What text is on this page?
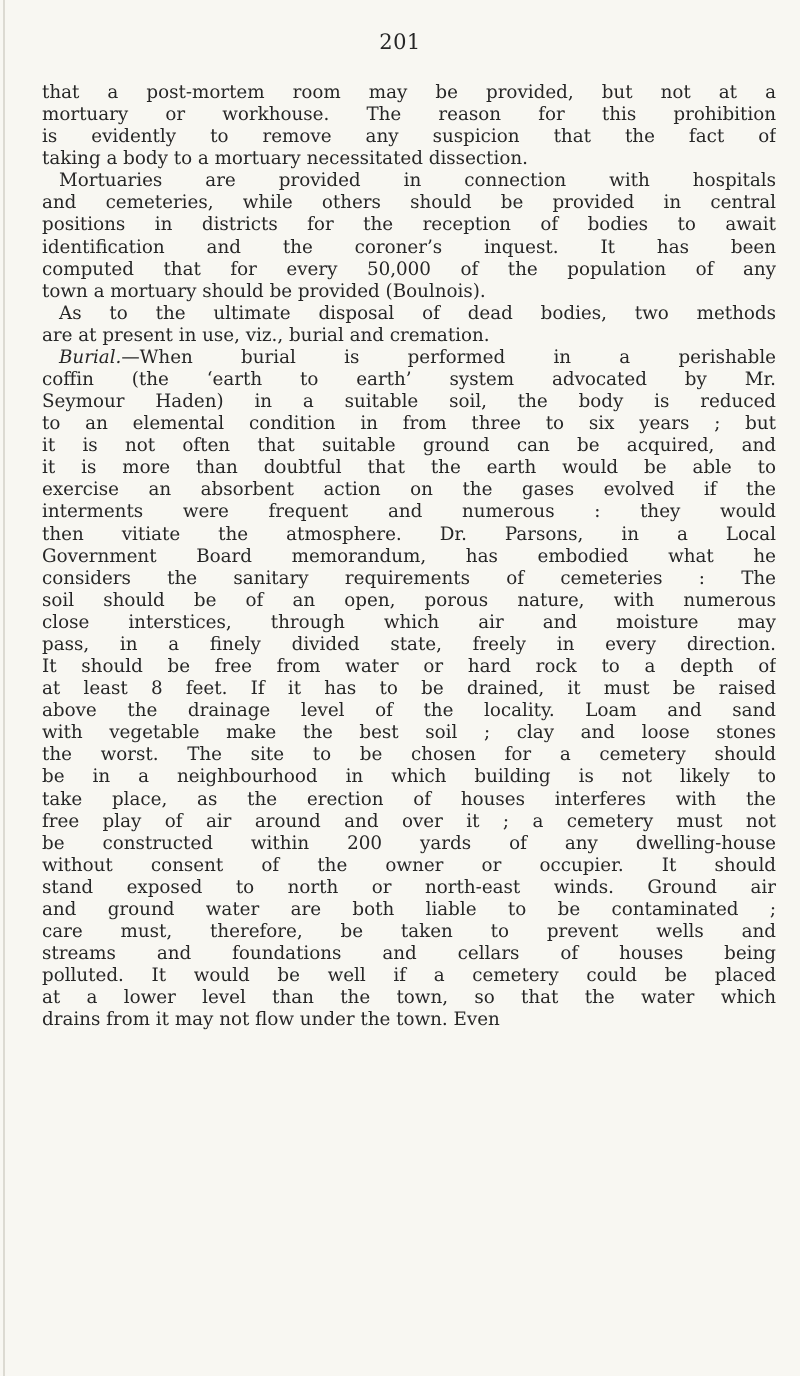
201
that a post-mortem room may be provided, but not at a
mortuary or workhouse. The reason for this prohibition
is evidently to remove any suspicion that the fact of
taking a body to a mortuary necessitated dissection.
Mortuaries are provided in connection with hospitals
and cemeteries, while others should be provided in central
positions in districts for the reception of bodies to await
identification and the coroner’s inquest. It has been
computed that for every 50,000 of the population of any
town a mortuary should be provided (Boulnois).
As to the ultimate disposal of dead bodies, two methods
are at present in use, viz., burial and cremation.
Burial.—When burial is performed in a perishable
coffin (the ‘earth to earth’ system advocated by Mr.
Seymour Haden) in a suitable soil, the body is reduced
to an elemental condition in from three to six years ; but
it is not often that suitable ground can be acquired, and
it is more than doubtful that the earth would be able to
exercise an absorbent action on the gases evolved if the
interments were frequent and numerous : they would
then vitiate the atmosphere. Dr. Parsons, in a Local
Government Board memorandum, has embodied what he
considers the sanitary requirements of cemeteries : The
soil should be of an open, porous nature, with numerous
close interstices, through which air and moisture may
pass, in a finely divided state, freely in every direction.
It should be free from water or hard rock to a depth of
at least 8 feet. If it has to be drained, it must be raised
above the drainage level of the locality. Loam and sand
with vegetable make the best soil ; clay and loose stones
the worst. The site to be chosen for a cemetery should
be in a neighbourhood in which building is not likely to
take place, as the erection of houses interferes with the
free play of air around and over it ; a cemetery must not
be constructed within 200 yards of any dwelling-house
without consent of the owner or occupier. It should
stand exposed to north or north-east winds. Ground air
and ground water are both liable to be contaminated ;
care must, therefore, be taken to prevent wells and
streams and foundations and cellars of houses being
polluted. It would be well if a cemetery could be placed
at a lower level than the town, so that the water which
drains from it may not flow under the town. Even
